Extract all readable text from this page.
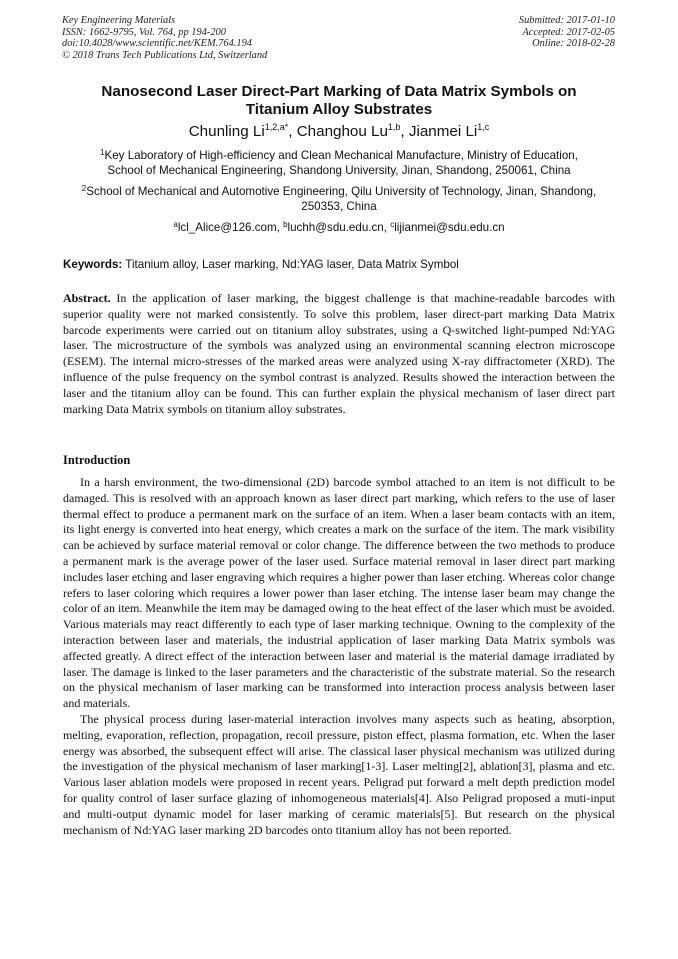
Key Engineering Materials
ISSN: 1662-9795, Vol. 764, pp 194-200
doi:10.4028/www.scientific.net/KEM.764.194
© 2018 Trans Tech Publications Ltd, Switzerland
Submitted: 2017-01-10
Accepted: 2017-02-05
Online: 2018-02-28
Nanosecond Laser Direct-Part Marking of Data Matrix Symbols on
Titanium Alloy Substrates
Chunling $Li^{1,2,a*}$, Changhou Lu$^{1,b}$, Jianmei Li$^{1,c}$
$^1$Key Laboratory of High-efficiency and Clean Mechanical Manufacture, Ministry of Education,
School of Mechanical Engineering, Shandong University, Jinan, Shandong, 250061, China
$^2$School of Mechanical and Automotive Engineering, Qilu University of Technology, Jinan, Shandong,
250353, China
$^a$lcl_Alice@126.com, $^b$luchh@sdu.edu.cn, $^c$lijianmei@sdu.edu.cn
Keywords: Titanium alloy, Laser marking, Nd:YAG laser, Data Matrix Symbol
Abstract. In the application of laser marking, the biggest challenge is that machine-readable barcodes with superior quality were not marked consistently. To solve this problem, laser direct-part marking Data Matrix barcode experiments were carried out on titanium alloy substrates, using a Q-switched light-pumped Nd:YAG laser. The microstructure of the symbols was analyzed using an environmental scanning electron microscope (ESEM). The internal micro-stresses of the marked areas were analyzed using X-ray diffractometer (XRD). The influence of the pulse frequency on the symbol contrast is analyzed. Results showed the interaction between the laser and the titanium alloy can be found. This can further explain the physical mechanism of laser direct part marking Data Matrix symbols on titanium alloy substrates.
Introduction

In a harsh environment, the two-dimensional (2D) barcode symbol attached to an item is not difficult to be damaged. This is resolved with an approach known as laser direct part marking, which refers to the use of laser thermal effect to produce a permanent mark on the surface of an item. When a laser beam contacts with an item, its light energy is converted into heat energy, which creates a mark on the surface of the item. The mark visibility can be achieved by surface material removal or color change. The difference between the two methods to produce a permanent mark is the average power of the laser used. Surface material removal in laser direct part marking includes laser etching and laser engraving which requires a higher power than laser etching. Whereas color change refers to laser coloring which requires a lower power than laser etching. The intense laser beam may change the color of an item. Meanwhile the item may be damaged owing to the heat effect of the laser which must be avoided. Various materials may react differently to each type of laser marking technique. Owning to the complexity of the interaction between laser and materials, the industrial application of laser marking Data Matrix symbols was affected greatly. A direct effect of the interaction between laser and material is the material damage irradiated by laser. The damage is linked to the laser parameters and the characteristic of the substrate material. So the research on the physical mechanism of laser marking can be transformed into interaction process analysis between laser and materials.

The physical process during laser-material interaction involves many aspects such as heating, absorption, melting, evaporation, reflection, propagation, recoil pressure, piston effect, plasma formation, etc. When the laser energy was absorbed, the subsequent effect will arise. The classical laser physical mechanism was utilized during the investigation of the physical mechanism of laser marking[1-3]. Laser melting[2], ablation[3], plasma and etc. Various laser ablation models were proposed in recent years. Peligrad put forward a melt depth prediction model for quality control of laser surface glazing of inhomogeneous materials[4]. Also Peligrad proposed a muti-input and multi-output dynamic model for laser marking of ceramic materials[5]. But research on the physical mechanism of Nd:YAG laser marking 2D barcodes onto titanium alloy has not been reported.
